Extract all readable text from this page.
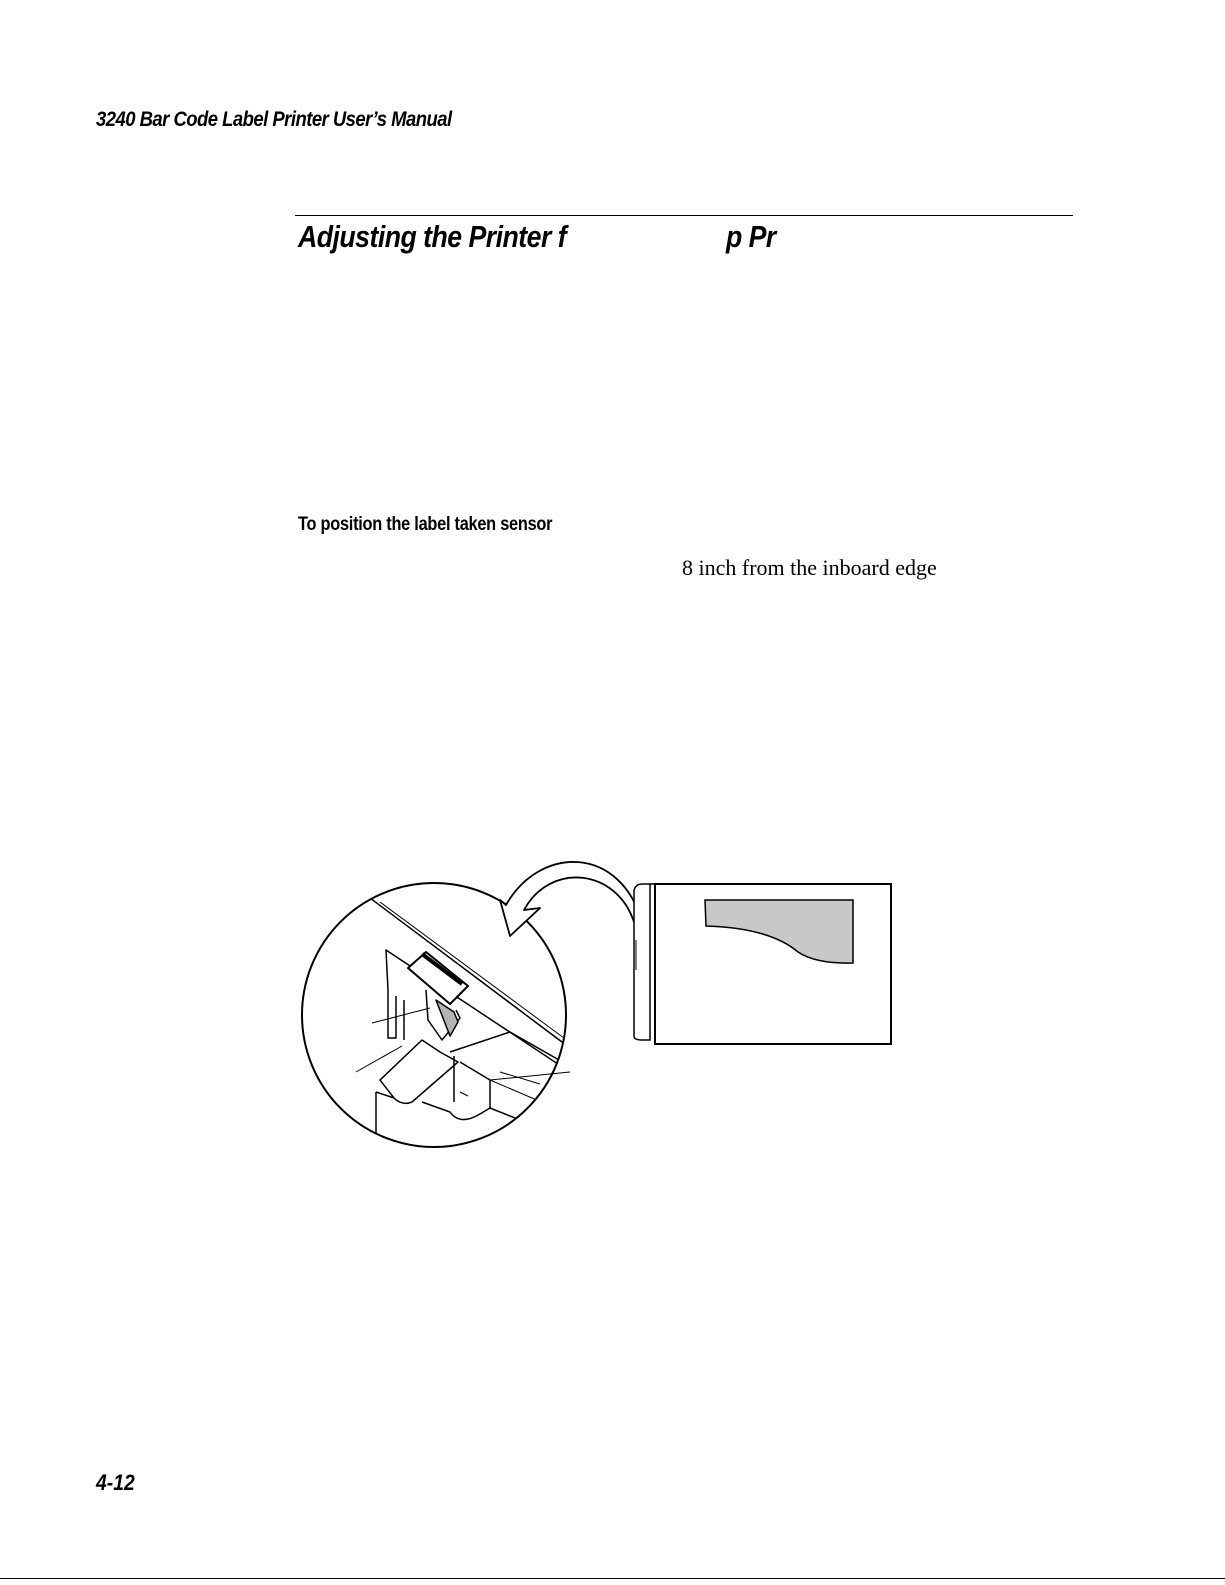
3240 Bar Code Label Printer User’s Manual
Adjusting the Printer f	p Pr
To position the label taken sensor
8 inch from the inboard edge
4-12
